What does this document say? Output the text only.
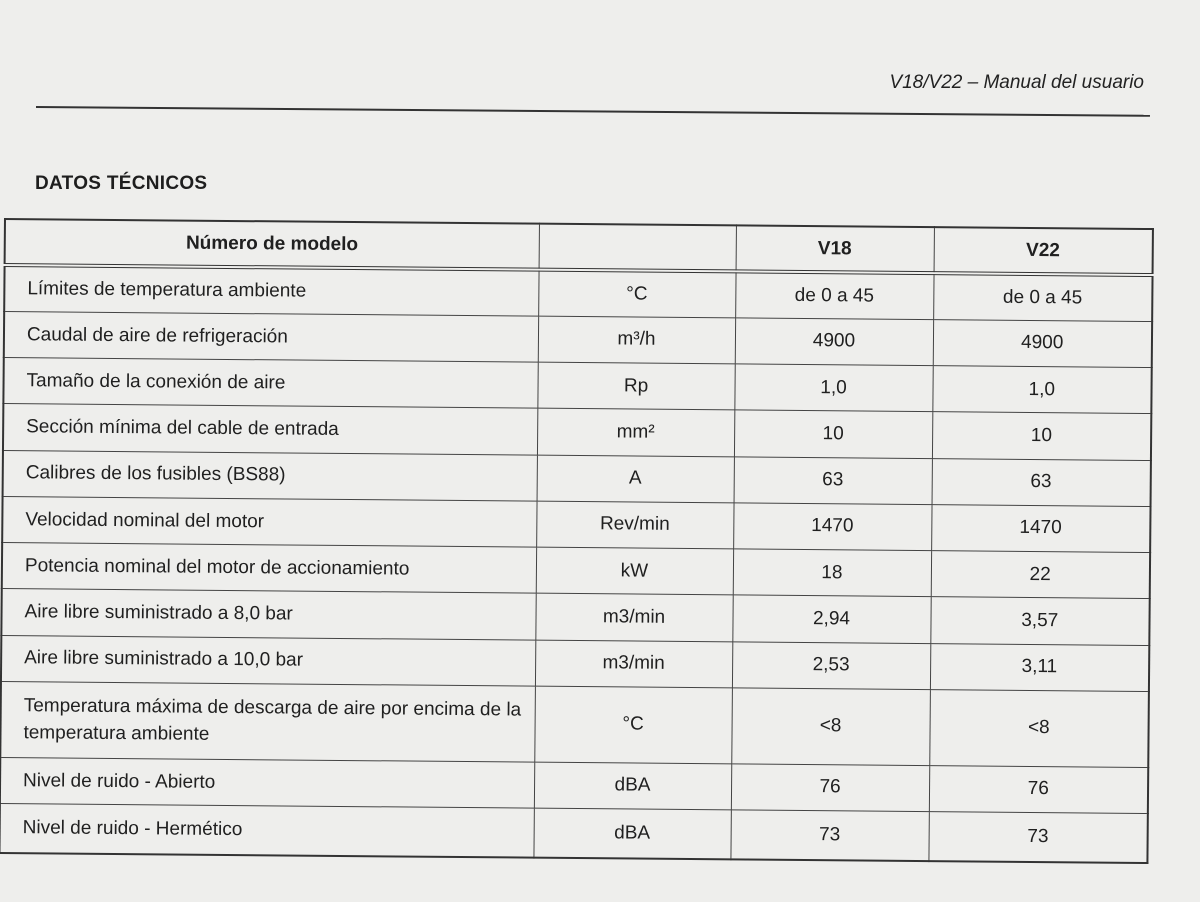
V18/V22 – Manual del usuario
DATOS TÉCNICOS
Número de modelo		V18	V22
Límites de temperatura ambiente	°C	de 0 a 45	de 0 a 45
Caudal de aire de refrigeración	m³/h	4900	4900
Tamaño de la conexión de aire	Rp	1,0	1,0
Sección mínima del cable de entrada	mm²	10	10
Calibres de los fusibles (BS88)	A	63	63
Velocidad nominal del motor	Rev/min	1470	1470
Potencia nominal del motor de accionamiento	kW	18	22
Aire libre suministrado a 8,0 bar	m3/min	2,94	3,57
Aire libre suministrado a 10,0 bar	m3/min	2,53	3,11
Temperatura máxima de descarga de aire por encima de la temperatura ambiente	°C	<8	<8
Nivel de ruido - Abierto	dBA	76	76
Nivel de ruido - Hermético	dBA	73	73
